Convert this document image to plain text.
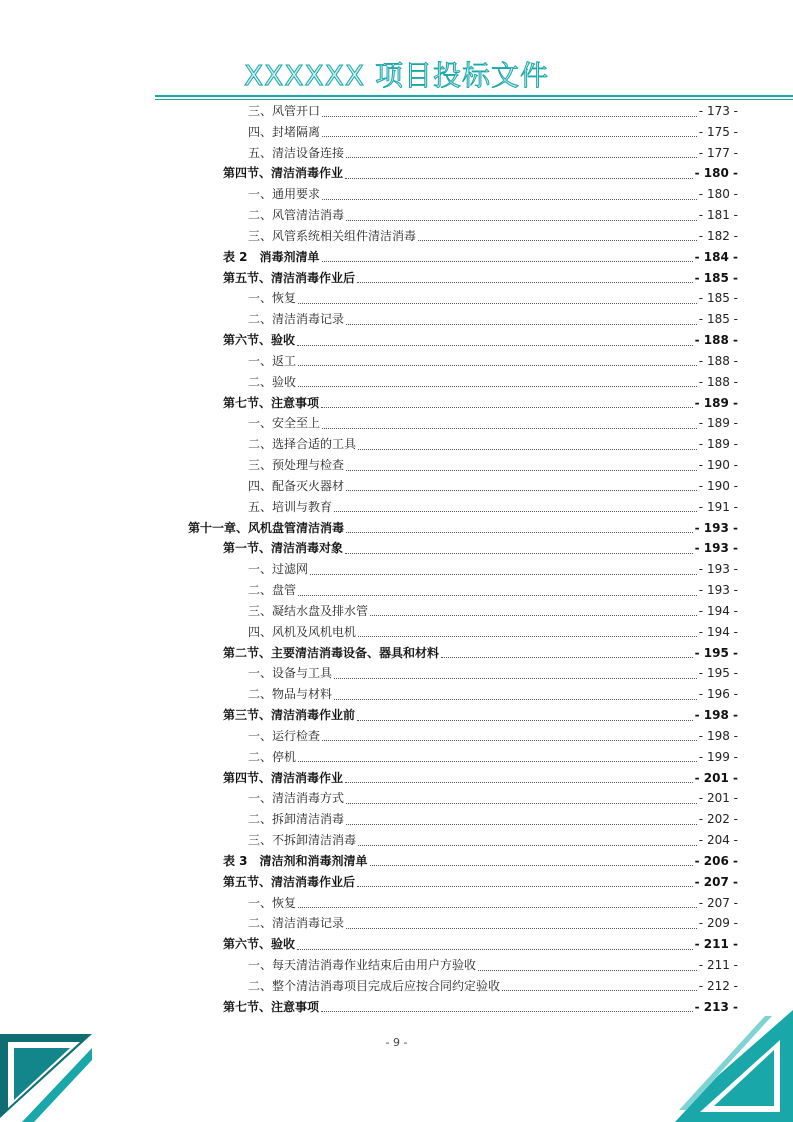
XXXXXX 项目投标文件
三、风管开口	- 173 -
四、封堵隔离	- 175 -
五、清洁设备连接	- 177 -
第四节、清洁消毒作业	- 180 -
一、通用要求	- 180 -
二、风管清洁消毒	- 181 -
三、风管系统相关组件清洁消毒	- 182 -
表 2　消毒剂清单	- 184 -
第五节、清洁消毒作业后	- 185 -
一、恢复	- 185 -
二、清洁消毒记录	- 185 -
第六节、验收	- 188 -
一、返工	- 188 -
二、验收	- 188 -
第七节、注意事项	- 189 -
一、安全至上	- 189 -
二、选择合适的工具	- 189 -
三、预处理与检查	- 190 -
四、配备灭火器材	- 190 -
五、培训与教育	- 191 -
第十一章、风机盘管清洁消毒	- 193 -
第一节、清洁消毒对象	- 193 -
一、过滤网	- 193 -
二、盘管	- 193 -
三、凝结水盘及排水管	- 194 -
四、风机及风机电机	- 194 -
第二节、主要清洁消毒设备、器具和材料	- 195 -
一、设备与工具	- 195 -
二、物品与材料	- 196 -
第三节、清洁消毒作业前	- 198 -
一、运行检查	- 198 -
二、停机	- 199 -
第四节、清洁消毒作业	- 201 -
一、清洁消毒方式	- 201 -
二、拆卸清洁消毒	- 202 -
三、不拆卸清洁消毒	- 204 -
表 3　清洁剂和消毒剂清单	- 206 -
第五节、清洁消毒作业后	- 207 -
一、恢复	- 207 -
二、清洁消毒记录	- 209 -
第六节、验收	- 211 -
一、每天清洁消毒作业结束后由用户方验收	- 211 -
二、整个清洁消毒项目完成后应按合同约定验收	- 212 -
第七节、注意事项	- 213 -
- 9 -
